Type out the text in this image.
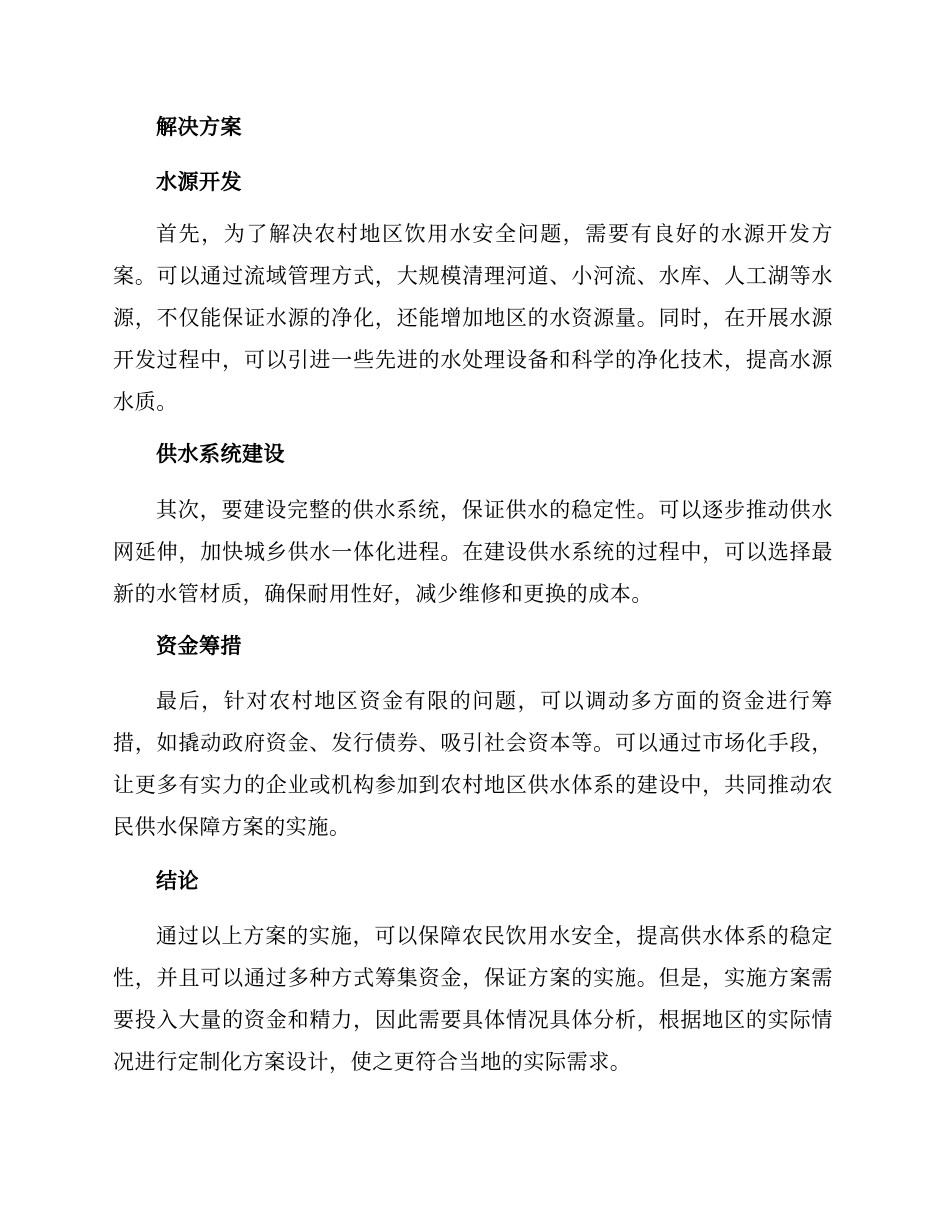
解决方案
水源开发

首先，为了解决农村地区饮用水安全问题，需要有良好的水源开发方案。可以通过流域管理方式，大规模清理河道、小河流、水库、人工湖等水源，不仅能保证水源的净化，还能增加地区的水资源量。同时，在开展水源开发过程中，可以引进一些先进的水处理设备和科学的净化技术，提高水源水质。

供水系统建设

其次，要建设完整的供水系统，保证供水的稳定性。可以逐步推动供水网延伸，加快城乡供水一体化进程。在建设供水系统的过程中，可以选择最新的水管材质，确保耐用性好，减少维修和更换的成本。

资金筹措

最后，针对农村地区资金有限的问题，可以调动多方面的资金进行筹措，如撬动政府资金、发行债券、吸引社会资本等。可以通过市场化手段，让更多有实力的企业或机构参加到农村地区供水体系的建设中，共同推动农民供水保障方案的实施。

结论

通过以上方案的实施，可以保障农民饮用水安全，提高供水体系的稳定性，并且可以通过多种方式筹集资金，保证方案的实施。但是，实施方案需要投入大量的资金和精力，因此需要具体情况具体分析，根据地区的实际情况进行定制化方案设计，使之更符合当地的实际需求。
